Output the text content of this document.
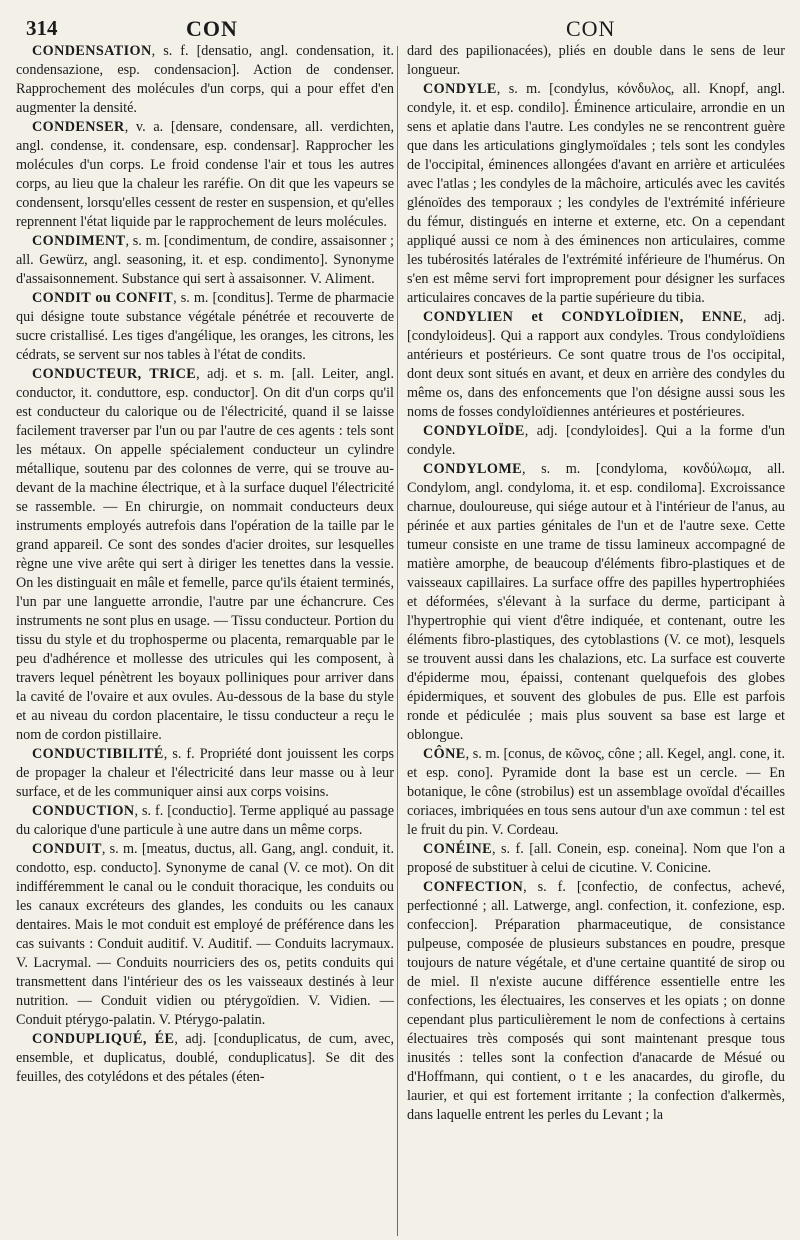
314	CON	CON

CONDENSATION, s. f. [densatio, angl. condensation, it. condensazione, esp. condensacion]. Action de condenser. Rapprochement des molécules d'un corps, qui a pour effet d'en augmenter la densité.

CONDENSER, v. a. [densare, condensare, all. verdichten, angl. condense, it. condensare, esp. condensar]. Rapprocher les molécules d'un corps. Le froid condense l'air et tous les autres corps, au lieu que la chaleur les raréfie. On dit que les vapeurs se condensent, lorsqu'elles cessent de rester en suspension, et qu'elles reprennent l'état liquide par le rapprochement de leurs molécules.

CONDIMENT, s. m. [condimentum, de condire, assaisonner ; all. Gewürz, angl. seasoning, it. et esp. condimento]. Synonyme d'assaisonnement. Substance qui sert à assaisonner. V. Aliment.

CONDIT ou CONFIT, s. m. [conditus]. Terme de pharmacie qui désigne toute substance végétale pénétrée et recouverte de sucre cristallisé. Les tiges d'angélique, les oranges, les citrons, les cédrats, se servent sur nos tables à l'état de condits.

CONDUCTEUR, TRICE, adj. et s. m. [all. Leiter, angl. conductor, it. conduttore, esp. conductor]. On dit d'un corps qu'il est conducteur du calorique ou de l'électricité, quand il se laisse facilement traverser par l'un ou par l'autre de ces agents : tels sont les métaux. On appelle spécialement conducteur un cylindre métallique, soutenu par des colonnes de verre, qui se trouve au-devant de la machine électrique, et à la surface duquel l'électricité se rassemble. — En chirurgie, on nommait conducteurs deux instruments employés autrefois dans l'opération de la taille par le grand appareil. Ce sont des sondes d'acier droites, sur lesquelles règne une vive arête qui sert à diriger les tenettes dans la vessie. On les distinguait en mâle et femelle, parce qu'ils étaient terminés, l'un par une languette arrondie, l'autre par une échancrure. Ces instruments ne sont plus en usage. — Tissu conducteur. Portion du tissu du style et du trophosperme ou placenta, remarquable par le peu d'adhérence et mollesse des utricules qui les composent, à travers lequel pénètrent les boyaux polliniques pour arriver dans la cavité de l'ovaire et aux ovules. Au-dessous de la base du style et au niveau du cordon placentaire, le tissu conducteur a reçu le nom de cordon pistillaire.

CONDUCTIBILITÉ, s. f. Propriété dont jouissent les corps de propager la chaleur et l'électricité dans leur masse ou à leur surface, et de les communiquer ainsi aux corps voisins.

CONDUCTION, s. f. [conductio]. Terme appliqué au passage du calorique d'une particule à une autre dans un même corps.

CONDUIT, s. m. [meatus, ductus, all. Gang, angl. conduit, it. condotto, esp. conducto]. Synonyme de canal (V. ce mot). On dit indifféremment le canal ou le conduit thoracique, les conduits ou les canaux excréteurs des glandes, les conduits ou les canaux dentaires. Mais le mot conduit est employé de préférence dans les cas suivants : Conduit auditif. V. Auditif. — Conduits lacrymaux. V. Lacrymal. — Conduits nourriciers des os, petits conduits qui transmettent dans l'intérieur des os les vaisseaux destinés à leur nutrition. — Conduit vidien ou ptérygoïdien. V. Vidien. — Conduit ptérygo-palatin. V. Ptérygo-palatin.

CONDUPLIQUÉ, ÉE, adj. [conduplicatus, de cum, avec, ensemble, et duplicatus, doublé, conduplicatus]. Se dit des feuilles, des cotylédons et des pétales (éten-

dard des papilionacées), pliés en double dans le sens de leur longueur.

CONDYLE, s. m. [condylus, κόνδυλος, all. Knopf, angl. condyle, it. et esp. condilo]. Éminence articulaire, arrondie en un sens et aplatie dans l'autre. Les condyles ne se rencontrent guère que dans les articulations ginglymoïdales ; tels sont les condyles de l'occipital, éminences allongées d'avant en arrière et articulées avec l'atlas ; les condyles de la mâchoire, articulés avec les cavités glénoïdes des temporaux ; les condyles de l'extrémité inférieure du fémur, distingués en interne et externe, etc. On a cependant appliqué aussi ce nom à des éminences non articulaires, comme les tubérosités latérales de l'extrémité inférieure de l'humérus. On s'en est même servi fort improprement pour désigner les surfaces articulaires concaves de la partie supérieure du tibia.

CONDYLIEN et CONDYLOÏDIEN, ENNE, adj. [condyloideus]. Qui a rapport aux condyles. Trous condyloïdiens antérieurs et postérieurs. Ce sont quatre trous de l'os occipital, dont deux sont situés en avant, et deux en arrière des condyles du même os, dans des enfoncements que l'on désigne aussi sous les noms de fosses condyloïdiennes antérieures et postérieures.

CONDYLOÏDE, adj. [condyloides]. Qui a la forme d'un condyle.

CONDYLOME, s. m. [condyloma, κονδύλωμα, all. Condylom, angl. condyloma, it. et esp. condiloma]. Excroissance charnue, douloureuse, qui siége autour et à l'intérieur de l'anus, au périnée et aux parties génitales de l'un et de l'autre sexe. Cette tumeur consiste en une trame de tissu lamineux accompagné de matière amorphe, de beaucoup d'éléments fibro-plastiques et de vaisseaux capillaires. La surface offre des papilles hypertrophiées et déformées, s'élevant à la surface du derme, participant à l'hypertrophie qui vient d'être indiquée, et contenant, outre les éléments fibro-plastiques, des cytoblastions (V. ce mot), lesquels se trouvent aussi dans les chalazions, etc. La surface est couverte d'épiderme mou, épaissi, contenant quelquefois des globes épidermiques, et souvent des globules de pus. Elle est parfois ronde et pédiculée ; mais plus souvent sa base est large et oblongue.

CÔNE, s. m. [conus, de κῶνος, cône ; all. Kegel, angl. cone, it. et esp. cono]. Pyramide dont la base est un cercle. — En botanique, le cône (strobilus) est un assemblage ovoïdal d'écailles coriaces, imbriquées en tous sens autour d'un axe commun : tel est le fruit du pin. V. Cordeau.

CONÉINE, s. f. [all. Conein, esp. coneina]. Nom que l'on a proposé de substituer à celui de cicutine. V. Conicine.

CONFECTION, s. f. [confectio, de confectus, achevé, perfectionné ; all. Latwerge, angl. confection, it. confezione, esp. confeccion]. Préparation pharmaceutique, de consistance pulpeuse, composée de plusieurs substances en poudre, presque toujours de nature végétale, et d'une certaine quantité de sirop ou de miel. Il n'existe aucune différence essentielle entre les confections, les électuaires, les conserves et les opiats ; on donne cependant plus particulièrement le nom de confections à certains électuaires très composés qui sont maintenant presque tous inusités : telles sont la confection d'anacarde de Mésué ou d'Hoffmann, qui contient, o t e les anacardes, du girofle, du laurier, et qui est fortement irritante ; la confection d'alkermès, dans laquelle entrent les perles du Levant ; la
